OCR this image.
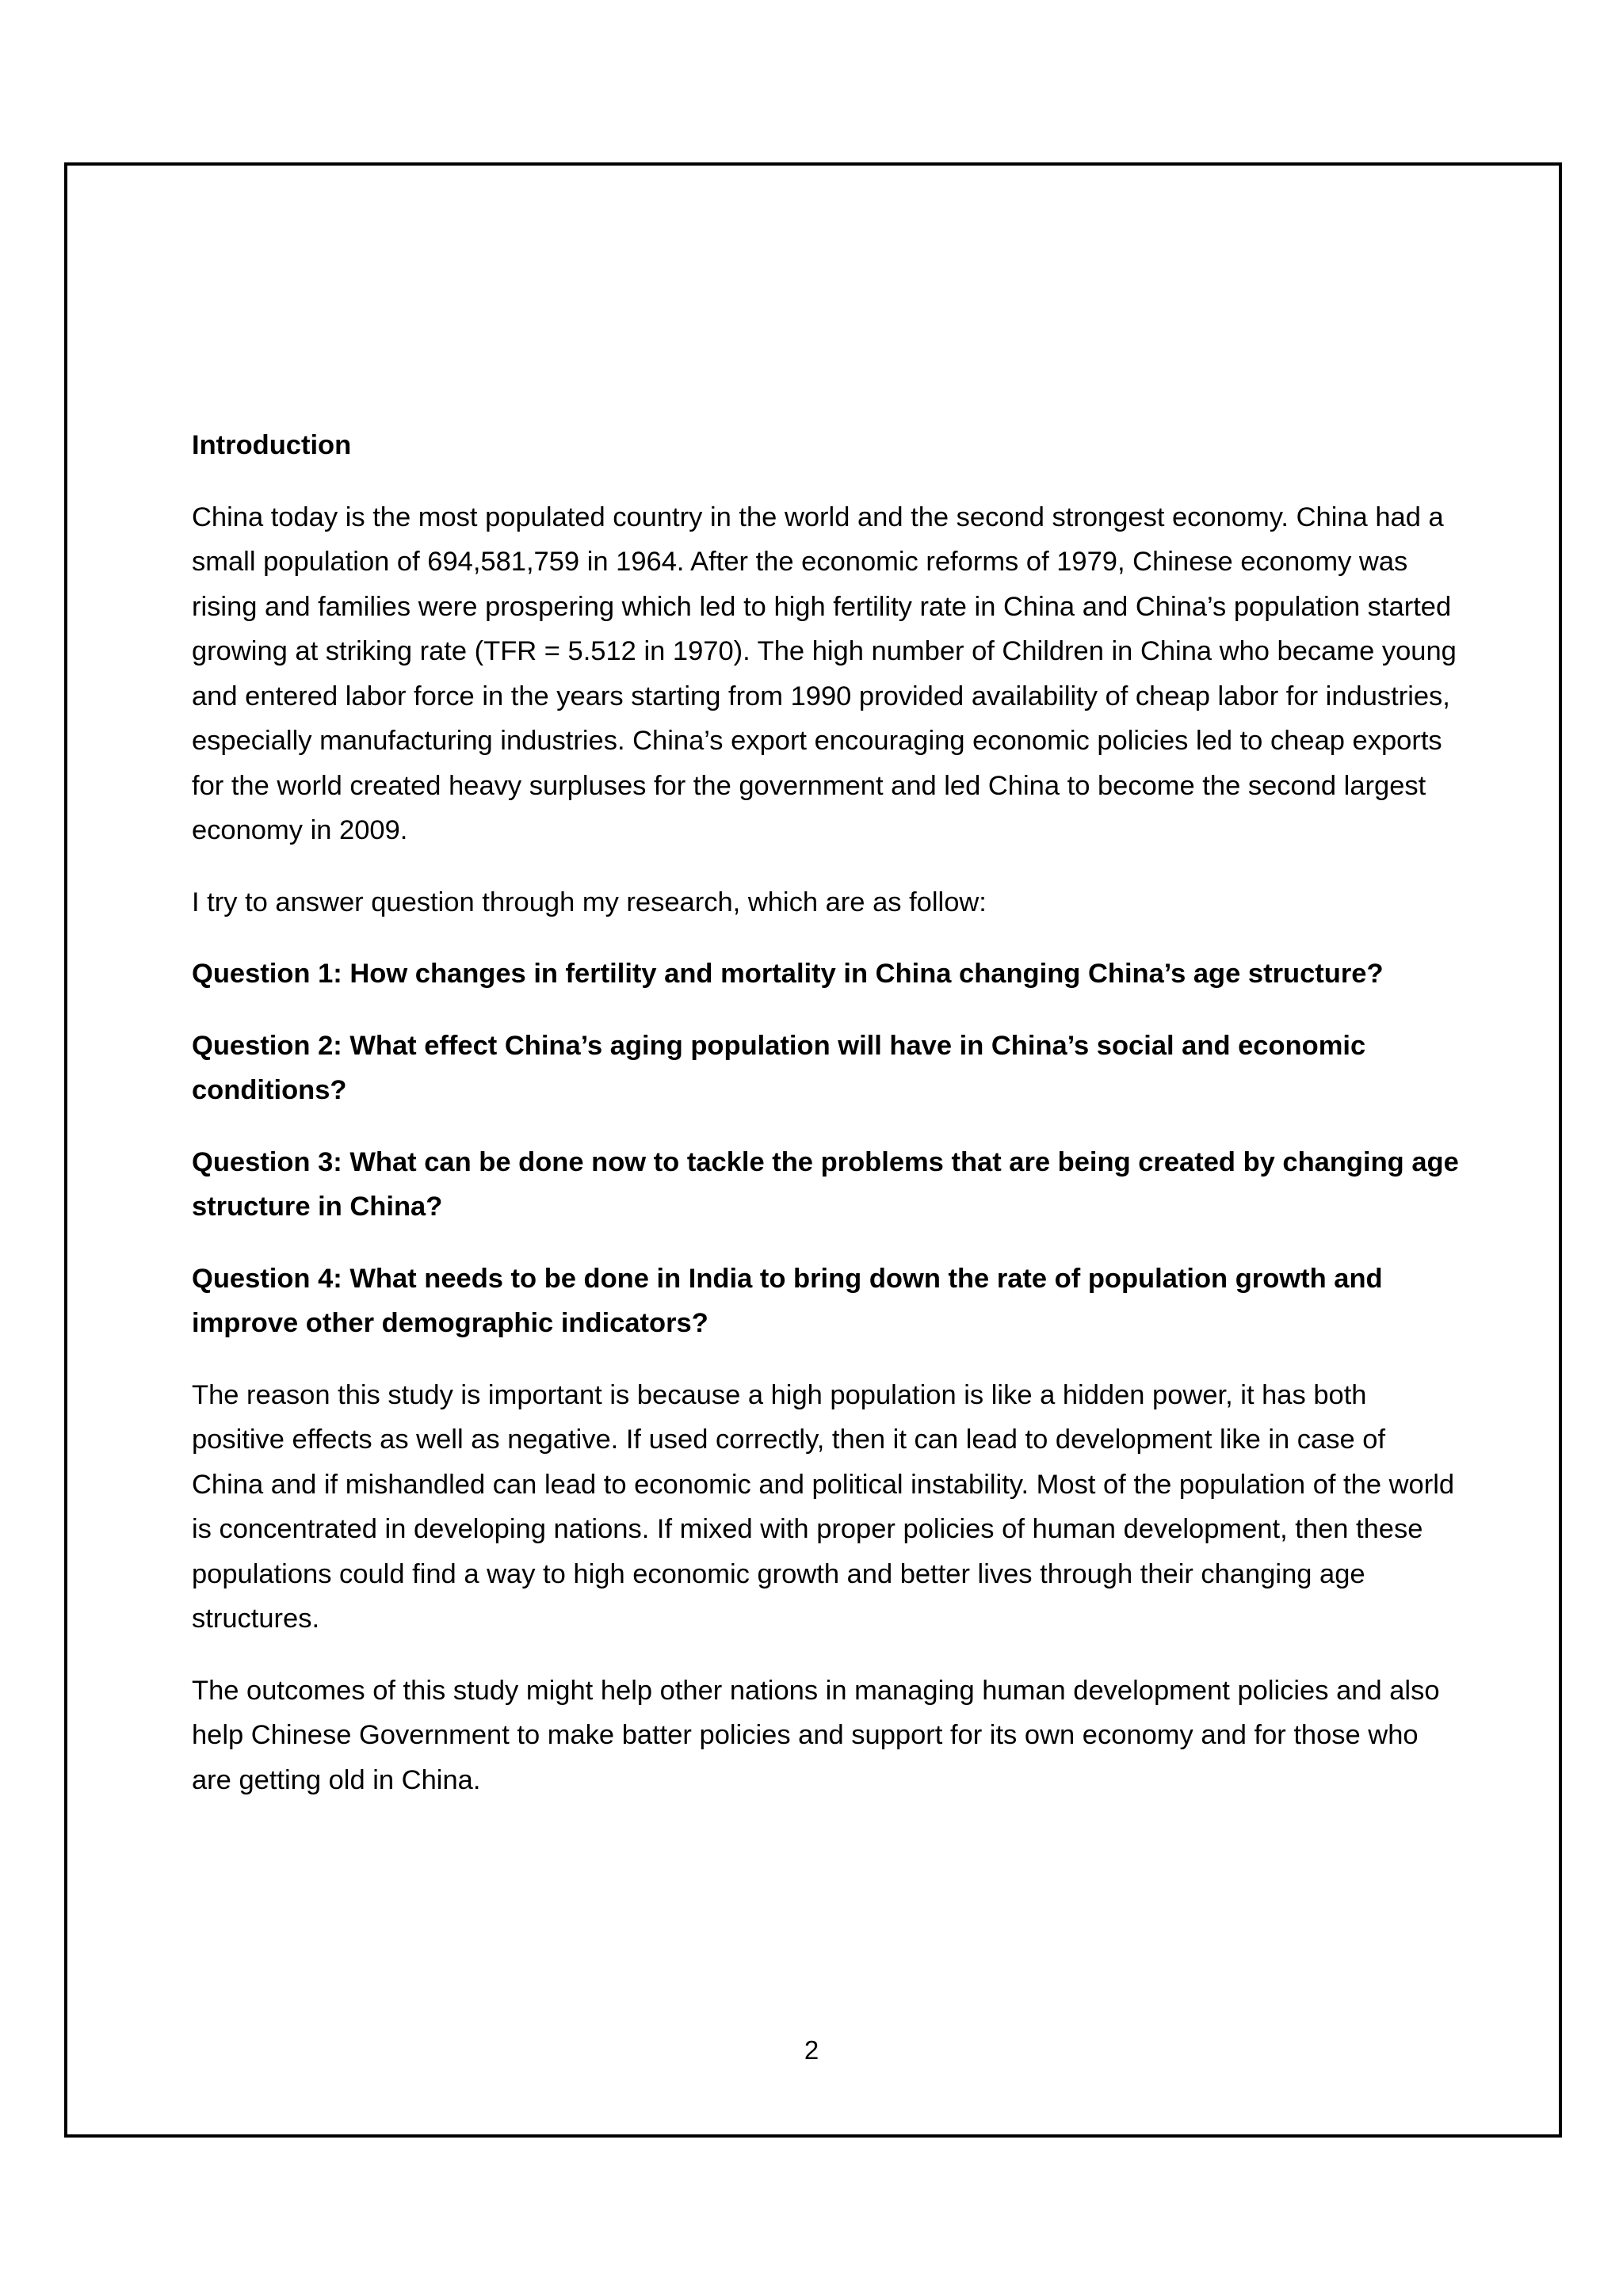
Introduction

China today is the most populated country in the world and the second strongest economy. China had a small population of 694,581,759 in 1964. After the economic reforms of 1979, Chinese economy was rising and families were prospering which led to high fertility rate in China and China’s population started growing at striking rate (TFR = 5.512 in 1970). The high number of Children in China who became young and entered labor force in the years starting from 1990 provided availability of cheap labor for industries, especially manufacturing industries. China’s export encouraging economic policies led to cheap exports for the world created heavy surpluses for the government and led China to become the second largest economy in 2009.

I try to answer question through my research, which are as follow:

Question 1: How changes in fertility and mortality in China changing China’s age structure?

Question 2: What effect China’s aging population will have in China’s social and economic conditions?

Question 3: What can be done now to tackle the problems that are being created by changing age structure in China?

Question 4: What needs to be done in India to bring down the rate of population growth and improve other demographic indicators?

The reason this study is important is because a high population is like a hidden power, it has both positive effects as well as negative. If used correctly, then it can lead to development like in case of China and if mishandled can lead to economic and political instability. Most of the population of the world is concentrated in developing nations. If mixed with proper policies of human development, then these populations could find a way to high economic growth and better lives through their changing age structures.

The outcomes of this study might help other nations in managing human development policies and also help Chinese Government to make batter policies and support for its own economy and for those who are getting old in China.

2
